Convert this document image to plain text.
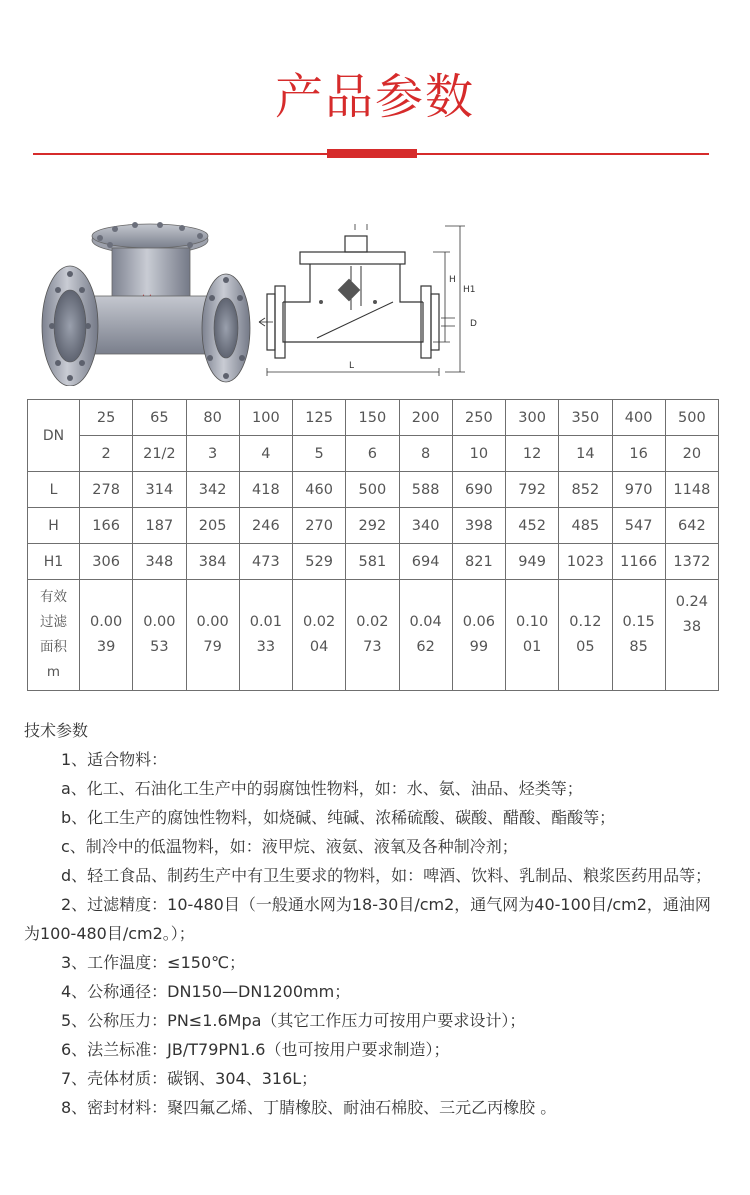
产品参数
H1
H
D
L
DN	25	65	80	100	125	150	200	250	300	350	400	500
	2	21/2	3	4	5	6	8	10	12	14	16	20
L	278	314	342	418	460	500	588	690	792	852	970	1148
H	166	187	205	246	270	292	340	398	452	485	547	642
H1	306	348	384	473	529	581	694	821	949	1023	1166	1372
有效过滤面积m	0.0039	0.0053	0.0079	0.0133	0.0204	0.0273	0.0462	0.0699	0.1001	0.1205	0.1585	0.2438
技术参数
1、适合物料：
a、化工、石油化工生产中的弱腐蚀性物料，如：水、氨、油品、烃类等；
b、化工生产的腐蚀性物料，如烧碱、纯碱、浓稀硫酸、碳酸、醋酸、酯酸等；
c、制冷中的低温物料，如：液甲烷、液氨、液氧及各种制冷剂；
d、轻工食品、制药生产中有卫生要求的物料，如：啤酒、饮料、乳制品、粮浆医药用品等；
2、过滤精度：10-480目（一般通水网为18-30目/cm2，通气网为40-100目/cm2，通油网为100-480目/cm2。）；
3、工作温度：≤150℃；
4、公称通径：DN150—DN1200mm；
5、公称压力：PN≤1.6Mpa（其它工作压力可按用户要求设计）；
6、法兰标准：JB/T79PN1.6（也可按用户要求制造）；
7、壳体材质：碳钢、304、316L；
8、密封材料：聚四氟乙烯、丁腈橡胶、耐油石棉胶、三元乙丙橡胶 。
